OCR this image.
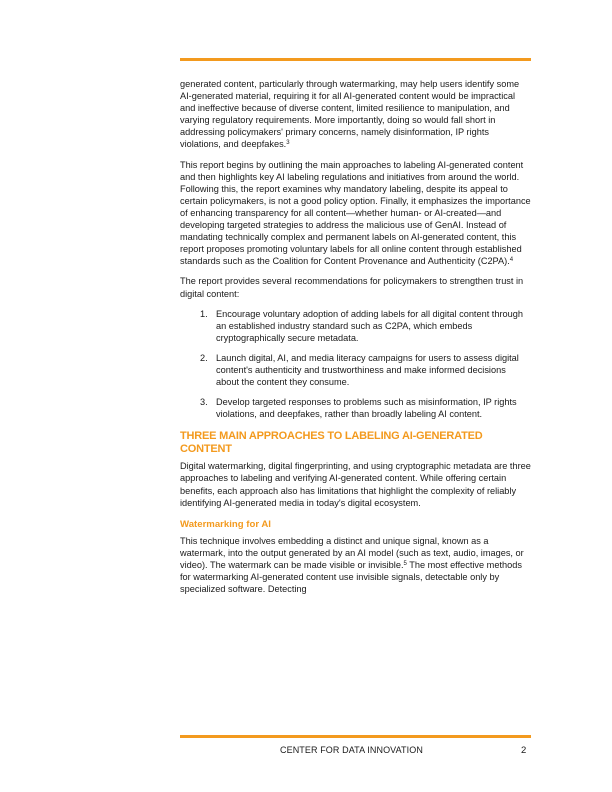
generated content, particularly through watermarking, may help users identify some AI-generated material, requiring it for all AI-generated content would be impractical and ineffective because of diverse content, limited resilience to manipulation, and varying regulatory requirements. More importantly, doing so would fall short in addressing policymakers' primary concerns, namely disinformation, IP rights violations, and deepfakes.$^3$

This report begins by outlining the main approaches to labeling AI-generated content and then highlights key AI labeling regulations and initiatives from around the world. Following this, the report examines why mandatory labeling, despite its appeal to certain policymakers, is not a good policy option. Finally, it emphasizes the importance of enhancing transparency for all content—whether human- or AI-created—and developing targeted strategies to address the malicious use of GenAI. Instead of mandating technically complex and permanent labels on AI-generated content, this report proposes promoting voluntary labels for all online content through established standards such as the Coalition for Content Provenance and Authenticity (C2PA).$^4$

The report provides several recommendations for policymakers to strengthen trust in digital content:

1. Encourage voluntary adoption of adding labels for all digital content through an established industry standard such as C2PA, which embeds cryptographically secure metadata.
2. Launch digital, AI, and media literacy campaigns for users to assess digital content's authenticity and trustworthiness and make informed decisions about the content they consume.
3. Develop targeted responses to problems such as misinformation, IP rights violations, and deepfakes, rather than broadly labeling AI content.
THREE MAIN APPROACHES TO LABELING AI-GENERATED CONTENT

Digital watermarking, digital fingerprinting, and using cryptographic metadata are three approaches to labeling and verifying AI-generated content. While offering certain benefits, each approach also has limitations that highlight the complexity of reliably identifying AI-generated media in today's digital ecosystem.

Watermarking for AI

This technique involves embedding a distinct and unique signal, known as a watermark, into the output generated by an AI model (such as text, audio, images, or video). The watermark can be made visible or invisible.$^5$ The most effective methods for watermarking AI-generated content use invisible signals, detectable only by specialized software. Detecting

CENTER FOR DATA INNOVATION	2
